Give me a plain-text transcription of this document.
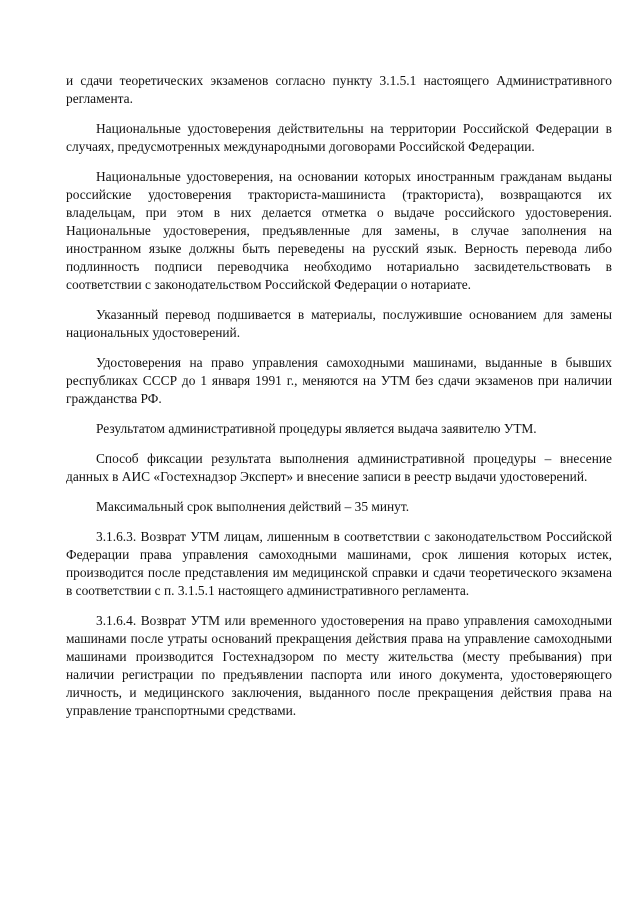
и сдачи теоретических экзаменов согласно пункту 3.1.5.1 настоящего Административного регламента.

Национальные удостоверения действительны на территории Российской Федерации в случаях, предусмотренных международными договорами Российской Федерации.

Национальные удостоверения, на основании которых иностранным гражданам выданы российские удостоверения тракториста-машиниста (тракториста), возвращаются их владельцам, при этом в них делается отметка о выдаче российского удостоверения. Национальные удостоверения, предъявленные для замены, в случае заполнения на иностранном языке должны быть переведены на русский язык. Верность перевода либо подлинность подписи переводчика необходимо нотариально засвидетельствовать в соответствии с законодательством Российской Федерации о нотариате.

Указанный перевод подшивается в материалы, послужившие основанием для замены национальных удостоверений.

Удостоверения на право управления самоходными машинами, выданные в бывших республиках СССР до 1 января 1991 г., меняются на УТМ без сдачи экзаменов при наличии гражданства РФ.

Результатом административной процедуры является выдача заявителю УТМ.

Способ фиксации результата выполнения административной процедуры – внесение данных в АИС «Гостехнадзор Эксперт» и внесение записи в реестр выдачи удостоверений.

Максимальный срок выполнения действий – 35 минут.

3.1.6.3. Возврат УТМ лицам, лишенным в соответствии с законодательством Российской Федерации права управления самоходными машинами, срок лишения которых истек, производится после представления им медицинской справки и сдачи теоретического экзамена в соответствии с п. 3.1.5.1 настоящего административного регламента.

3.1.6.4. Возврат УТМ или временного удостоверения на право управления самоходными машинами после утраты оснований прекращения действия права на управление самоходными машинами производится Гостехнадзором по месту жительства (месту пребывания) при наличии регистрации по предъявлении паспорта или иного документа, удостоверяющего личность, и медицинского заключения, выданного после прекращения действия права на управление транспортными средствами.
